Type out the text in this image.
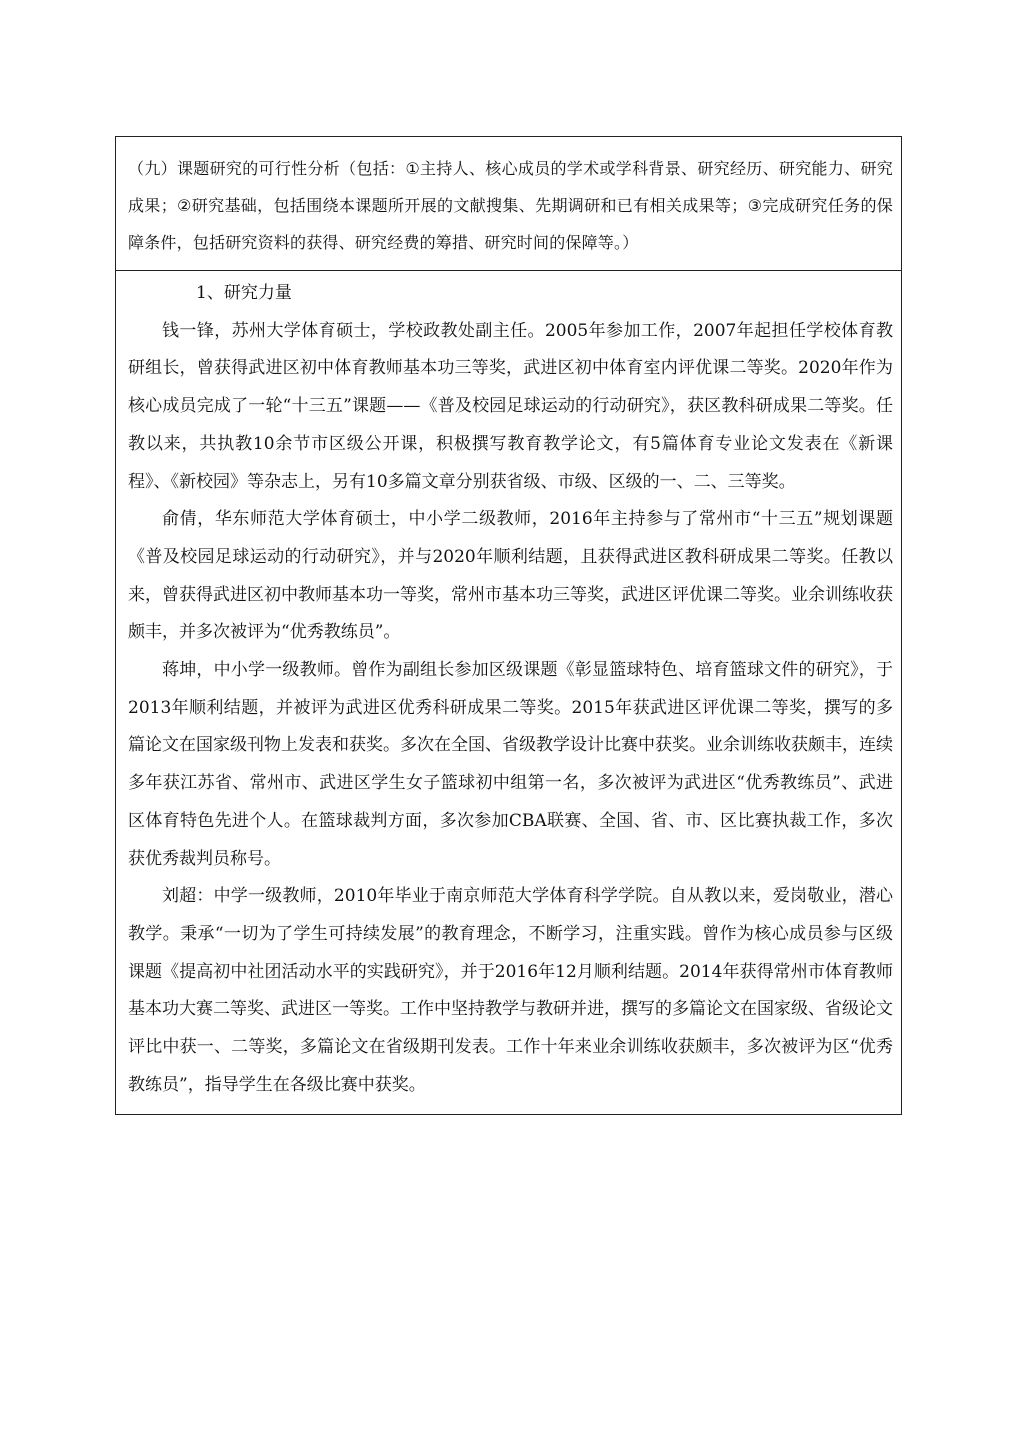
（九）课题研究的可行性分析（包括：①主持人、核心成员的学术或学科背景、研究经历、研究能力、研究成果；②研究基础，包括围绕本课题所开展的文献搜集、先期调研和已有相关成果等；③完成研究任务的保障条件，包括研究资料的获得、研究经费的筹措、研究时间的保障等。）

1、研究力量

钱一锋，苏州大学体育硕士，学校政教处副主任。2005年参加工作，2007年起担任学校体育教研组长，曾获得武进区初中体育教师基本功三等奖，武进区初中体育室内评优课二等奖。2020年作为核心成员完成了一轮“十三五”课题——《普及校园足球运动的行动研究》，获区教科研成果二等奖。任教以来，共执教10余节市区级公开课，积极撰写教育教学论文，有5篇体育专业论文发表在《新课程》、《新校园》等杂志上，另有10多篇文章分别获省级、市级、区级的一、二、三等奖。

俞倩，华东师范大学体育硕士，中小学二级教师，2016年主持参与了常州市“十三五”规划课题《普及校园足球运动的行动研究》，并与2020年顺利结题，且获得武进区教科研成果二等奖。任教以来，曾获得武进区初中教师基本功一等奖，常州市基本功三等奖，武进区评优课二等奖。业余训练收获颇丰，并多次被评为“优秀教练员”。

蒋坤，中小学一级教师。曾作为副组长参加区级课题《彰显篮球特色、培育篮球文件的研究》，于2013年顺利结题，并被评为武进区优秀科研成果二等奖。2015年获武进区评优课二等奖，撰写的多篇论文在国家级刊物上发表和获奖。多次在全国、省级教学设计比赛中获奖。业余训练收获颇丰，连续多年获江苏省、常州市、武进区学生女子篮球初中组第一名，多次被评为武进区“优秀教练员”、武进区体育特色先进个人。在篮球裁判方面，多次参加CBA联赛、全国、省、市、区比赛执裁工作，多次获优秀裁判员称号。

刘超：中学一级教师，2010年毕业于南京师范大学体育科学学院。自从教以来，爱岗敬业，潜心教学。秉承“一切为了学生可持续发展”的教育理念，不断学习，注重实践。曾作为核心成员参与区级课题《提高初中社团活动水平的实践研究》，并于2016年12月顺利结题。2014年获得常州市体育教师基本功大赛二等奖、武进区一等奖。工作中坚持教学与教研并进，撰写的多篇论文在国家级、省级论文评比中获一、二等奖，多篇论文在省级期刊发表。工作十年来业余训练收获颇丰，多次被评为区“优秀教练员”，指导学生在各级比赛中获奖。
